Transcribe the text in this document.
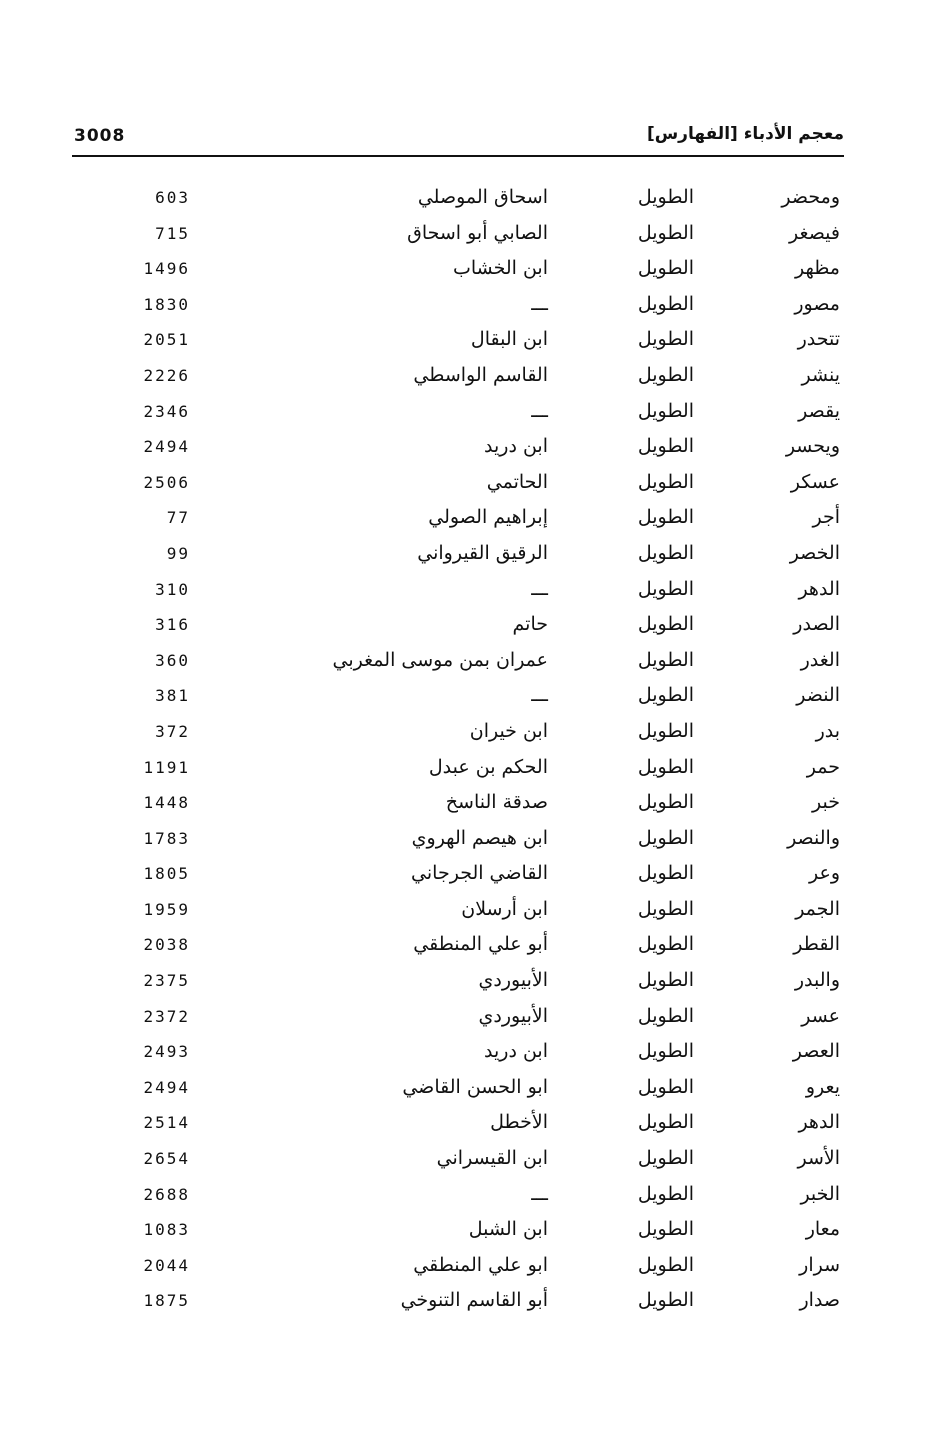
3008	معجم الأدباء [الفهارس]
ومحضر
الطويل
اسحاق الموصلي
603
فيصغر
الطويل
الصابي أبو اسحاق
715
مظهر
الطويل
ابن الخشاب
1496
مصور
الطويل
ـــ
1830
تتحدر
الطويل
ابن البقال
2051
ينشر
الطويل
القاسم الواسطي
2226
يقصر
الطويل
ـــ
2346
ويحسر
الطويل
ابن دريد
2494
عسكر
الطويل
الحاتمي
2506
أجر
الطويل
إبراهيم الصولي
77
الخصر
الطويل
الرقيق القيرواني
99
الدهر
الطويل
ـــ
310
الصدر
الطويل
حاتم
316
الغدر
الطويل
عمران بمن موسى المغربي
360
النضر
الطويل
ـــ
381
بدر
الطويل
ابن خيران
372
حمر
الطويل
الحكم بن عبدل
1191
خبر
الطويل
صدقة الناسخ
1448
والنصر
الطويل
ابن هيصم الهروي
1783
وعر
الطويل
القاضي الجرجاني
1805
الجمر
الطويل
ابن أرسلان
1959
القطر
الطويل
أبو علي المنطقي
2038
والبدر
الطويل
الأبيوردي
2375
عسر
الطويل
الأبيوردي
2372
العصر
الطويل
ابن دريد
2493
يعرو
الطويل
ابو الحسن القاضي
2494
الدهر
الطويل
الأخطل
2514
الأسر
الطويل
ابن القيسراني
2654
الخبر
الطويل
ـــ
2688
معار
الطويل
ابن الشبل
1083
سرار
الطويل
ابو علي المنطقي
2044
صدار
الطويل
أبو القاسم التنوخي
1875
